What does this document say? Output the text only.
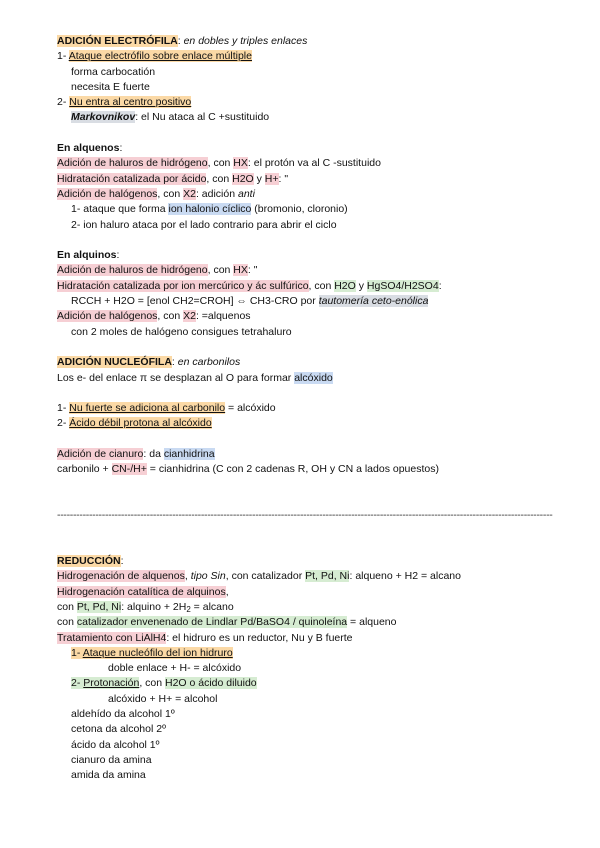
ADICIÓN ELECTRÓFILA: en dobles y triples enlaces
1- Ataque electrófilo sobre enlace múltiple
forma carbocatión
necesita E fuerte
2- Nu entra al centro positivo
Markovnikov: el Nu ataca al C +sustituido
En alquenos:
Adición de haluros de hidrógeno, con HX: el protón va al C -sustituido
Hidratación catalizada por ácido, con H2O y H+: "
Adición de halógenos, con X2: adición anti
1- ataque que forma ion halonio cíclico (bromonio, cloronio)
2- ion haluro ataca por el lado contrario para abrir el ciclo
En alquinos:
Adición de haluros de hidrógeno, con HX: "
Hidratación catalizada por ion mercúrico y ác sulfúrico, con H2O y HgSO4/H2SO4:
RCCH + H2O = [enol CH2=CROH] ⇔ CH3-CRO por tautomería ceto-enólica
Adición de halógenos, con X2: =alquenos
con 2 moles de halógeno consigues tetrahaluro
ADICIÓN NUCLEÓFILA: en carbonilos
Los e- del enlace π se desplazan al O para formar alcóxido
1- Nu fuerte se adiciona al carbonilo = alcóxido
2- Ácido débil protona al alcóxido
Adición de cianuro: da cianhidrina
carbonilo + CN-/H+ = cianhidrina (C con 2 cadenas R, OH y CN a lados opuestos)
-----------------------------------------------------------------------------------------------------------------------------------------------------------
REDUCCIÓN:
Hidrogenación de alquenos, tipo Sin, con catalizador Pt, Pd, Ni: alqueno + H2 = alcano
Hidrogenación catalítica de alquinos,
con Pt, Pd, Ni: alquino + $2H_2$ = alcano
con catalizador envenenado de Lindlar Pd/BaSO4 / quinoleína = alqueno
Tratamiento con LiAlH4: el hidruro es un reductor, Nu y B fuerte
1- Ataque nucleófilo del ion hidruro
doble enlace + H- = alcóxido
2- Protonación, con H2O o ácido diluido
alcóxido + H+ = alcohol
aldehído da alcohol 1º
cetona da alcohol 2º
ácido da alcohol 1º
cianuro da amina
amida da amina
